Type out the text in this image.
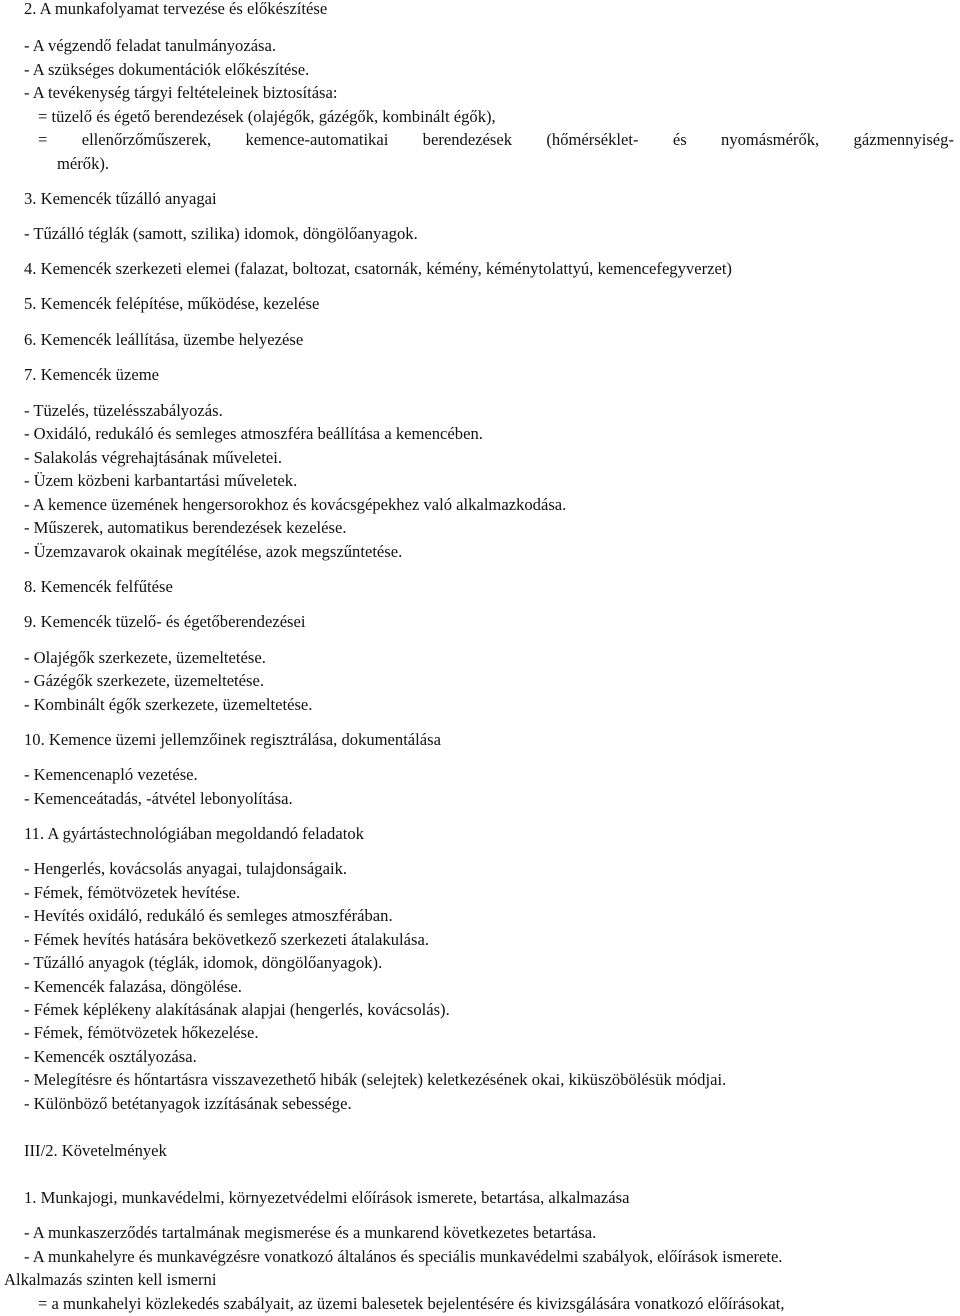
2. A munkafolyamat tervezése és előkészítése
- A végzendő feladat tanulmányozása.
- A szükséges dokumentációk előkészítése.
- A tevékenység tárgyi feltételeinek biztosítása:
= tüzelő és égető berendezések (olajégők, gázégők, kombinált égők),
= ellenőrzőműszerek, kemence-automatikai berendezések (hőmérséklet- és nyomásmérők, gázmennyiség-
mérők).
3. Kemencék tűzálló anyagai
- Tűzálló téglák (samott, szilika) idomok, döngölőanyagok.
4. Kemencék szerkezeti elemei (falazat, boltozat, csatornák, kémény, kéménytolattyú, kemencefegyverzet)
5. Kemencék felépítése, működése, kezelése
6. Kemencék leállítása, üzembe helyezése
7. Kemencék üzeme
- Tüzelés, tüzelésszabályozás.
- Oxidáló, redukáló és semleges atmoszféra beállítása a kemencében.
- Salakolás végrehajtásának műveletei.
- Üzem közbeni karbantartási műveletek.
- A kemence üzemének hengersorokhoz és kovácsgépekhez való alkalmazkodása.
- Műszerek, automatikus berendezések kezelése.
- Üzemzavarok okainak megítélése, azok megszűntetése.
8. Kemencék felfűtése
9. Kemencék tüzelő- és égetőberendezései
- Olajégők szerkezete, üzemeltetése.
- Gázégők szerkezete, üzemeltetése.
- Kombinált égők szerkezete, üzemeltetése.
10. Kemence üzemi jellemzőinek regisztrálása, dokumentálása
- Kemencenapló vezetése.
- Kemenceátadás, -átvétel lebonyolítása.
11. A gyártástechnológiában megoldandó feladatok
- Hengerlés, kovácsolás anyagai, tulajdonságaik.
- Fémek, fémötvözetek hevítése.
- Hevítés oxidáló, redukáló és semleges atmoszférában.
- Fémek hevítés hatására bekövetkező szerkezeti átalakulása.
- Tűzálló anyagok (téglák, idomok, döngölőanyagok).
- Kemencék falazása, döngölése.
- Fémek képlékeny alakításának alapjai (hengerlés, kovácsolás).
- Fémek, fémötvözetek hőkezelése.
- Kemencék osztályozása.
- Melegítésre és hőntartásra visszavezethető hibák (selejtek) keletkezésének okai, kiküszöbölésük módjai.
- Különböző betétanyagok izzításának sebessége.
III/2. Követelmények
1. Munkajogi, munkavédelmi, környezetvédelmi előírások ismerete, betartása, alkalmazása
- A munkaszerződés tartalmának megismerése és a munkarend következetes betartása.
- A munkahelyre és munkavégzésre vonatkozó általános és speciális munkavédelmi szabályok, előírások ismerete.
Alkalmazás szinten kell ismerni
= a munkahelyi közlekedés szabályait, az üzemi balesetek bejelentésére és kivizsgálására vonatkozó előírásokat,
